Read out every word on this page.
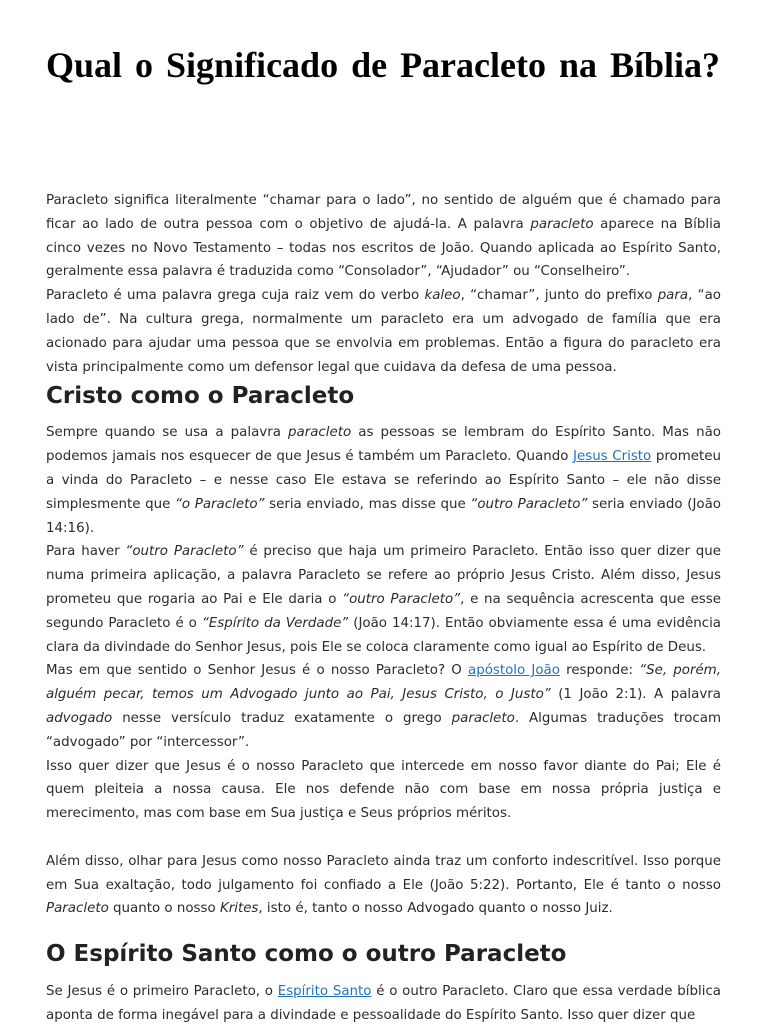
Qual o Significado de Paracleto na Bíblia?

Paracleto significa literalmente “chamar para o lado”, no sentido de alguém que é chamado para ficar ao lado de outra pessoa com o objetivo de ajudá-la. A palavra paracleto aparece na Bíblia cinco vezes no Novo Testamento – todas nos escritos de João. Quando aplicada ao Espírito Santo, geralmente essa palavra é traduzida como “Consolador”, “Ajudador” ou “Conselheiro”.

Paracleto é uma palavra grega cuja raiz vem do verbo kaleo, “chamar”, junto do prefixo para, “ao lado de”. Na cultura grega, normalmente um paracleto era um advogado de família que era acionado para ajudar uma pessoa que se envolvia em problemas. Então a figura do paracleto era vista principalmente como um defensor legal que cuidava da defesa de uma pessoa.

Cristo como o Paracleto

Sempre quando se usa a palavra paracleto as pessoas se lembram do Espírito Santo. Mas não podemos jamais nos esquecer de que Jesus é também um Paracleto. Quando Jesus Cristo prometeu a vinda do Paracleto – e nesse caso Ele estava se referindo ao Espírito Santo – ele não disse simplesmente que “o Paracleto” seria enviado, mas disse que “outro Paracleto” seria enviado (João 14:16).

Para haver “outro Paracleto” é preciso que haja um primeiro Paracleto. Então isso quer dizer que numa primeira aplicação, a palavra Paracleto se refere ao próprio Jesus Cristo. Além disso, Jesus prometeu que rogaria ao Pai e Ele daria o “outro Paracleto”, e na sequência acrescenta que esse segundo Paracleto é o “Espírito da Verdade” (João 14:17). Então obviamente essa é uma evidência clara da divindade do Senhor Jesus, pois Ele se coloca claramente como igual ao Espírito de Deus.

Mas em que sentido o Senhor Jesus é o nosso Paracleto? O apóstolo João responde: “Se, porém, alguém pecar, temos um Advogado junto ao Pai, Jesus Cristo, o Justo” (1 João 2:1). A palavra advogado nesse versículo traduz exatamente o grego paracleto. Algumas traduções trocam “advogado” por “intercessor”.

Isso quer dizer que Jesus é o nosso Paracleto que intercede em nosso favor diante do Pai; Ele é quem pleiteia a nossa causa. Ele nos defende não com base em nossa própria justiça e merecimento, mas com base em Sua justiça e Seus próprios méritos.

Além disso, olhar para Jesus como nosso Paracleto ainda traz um conforto indescritível. Isso porque em Sua exaltação, todo julgamento foi confiado a Ele (João 5:22). Portanto, Ele é tanto o nosso Paracleto quanto o nosso Krites, isto é, tanto o nosso Advogado quanto o nosso Juiz.

O Espírito Santo como o outro Paracleto

Se Jesus é o primeiro Paracleto, o Espírito Santo é o outro Paracleto. Claro que essa verdade bíblica aponta de forma inegável para a divindade e pessoalidade do Espírito Santo. Isso quer dizer que
